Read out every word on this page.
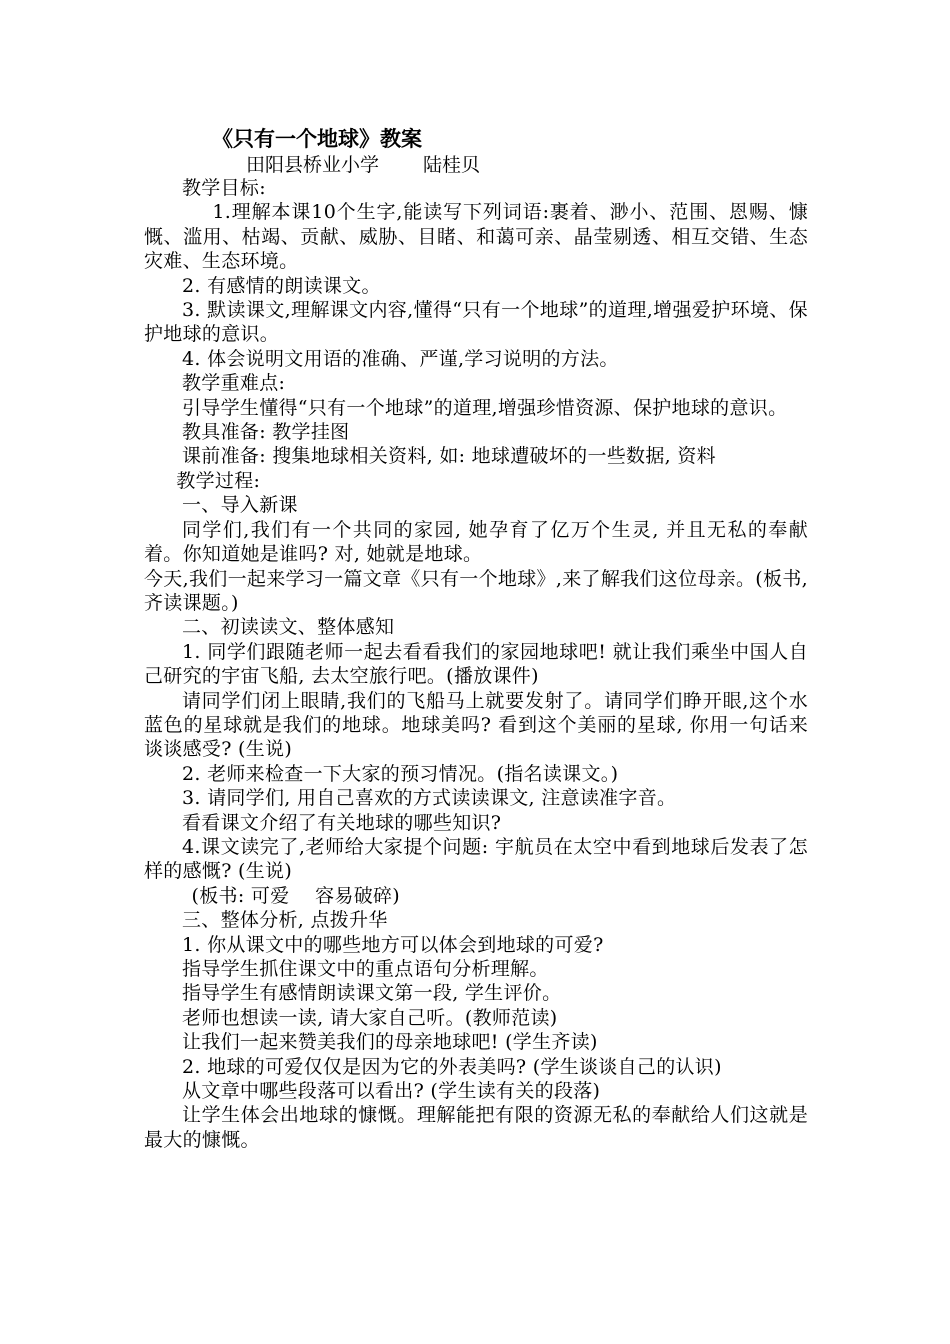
《只有一个地球》教案
田阳县桥业小学 陆桂贝

教学目标:

1.理解本课10个生字,能读写下列词语:裹着、渺小、范围、恩赐、慷慨、滥用、枯竭、贡献、威胁、目睹、和蔼可亲、晶莹剔透、相互交错、生态灾难、生态环境。

2. 有感情的朗读课文。

3. 默读课文,理解课文内容,懂得“只有一个地球”的道理,增强爱护环境、保护地球的意识。

4. 体会说明文用语的准确、严谨,学习说明的方法。

教学重难点:

引导学生懂得“只有一个地球”的道理,增强珍惜资源、保护地球的意识。

教具准备: 教学挂图

课前准备: 搜集地球相关资料, 如: 地球遭破坏的一些数据, 资料

教学过程:

一、导入新课

同学们,我们有一个共同的家园, 她孕育了亿万个生灵, 并且无私的奉献着。你知道她是谁吗? 对, 她就是地球。

今天,我们一起来学习一篇文章《只有一个地球》,来了解我们这位母亲。(板书, 齐读课题。)

二、初读读文、整体感知

1. 同学们跟随老师一起去看看我们的家园地球吧! 就让我们乘坐中国人自己研究的宇宙飞船, 去太空旅行吧。(播放课件)

请同学们闭上眼睛,我们的飞船马上就要发射了。请同学们睁开眼,这个水蓝色的星球就是我们的地球。地球美吗? 看到这个美丽的星球, 你用一句话来谈谈感受? (生说)

2. 老师来检查一下大家的预习情况。(指名读课文。)

3. 请同学们, 用自己喜欢的方式读读课文, 注意读准字音。

看看课文介绍了有关地球的哪些知识?

4.课文读完了,老师给大家提个问题: 宇航员在太空中看到地球后发表了怎样的感慨? (生说)

(板书: 可爱　 容易破碎)

三、整体分析, 点拨升华

1. 你从课文中的哪些地方可以体会到地球的可爱?

指导学生抓住课文中的重点语句分析理解。

指导学生有感情朗读课文第一段, 学生评价。

老师也想读一读, 请大家自己听。(教师范读)

让我们一起来赞美我们的母亲地球吧! (学生齐读)

2. 地球的可爱仅仅是因为它的外表美吗? (学生谈谈自己的认识)

从文章中哪些段落可以看出? (学生读有关的段落)

让学生体会出地球的慷慨。理解能把有限的资源无私的奉献给人们这就是最大的慷慨。
